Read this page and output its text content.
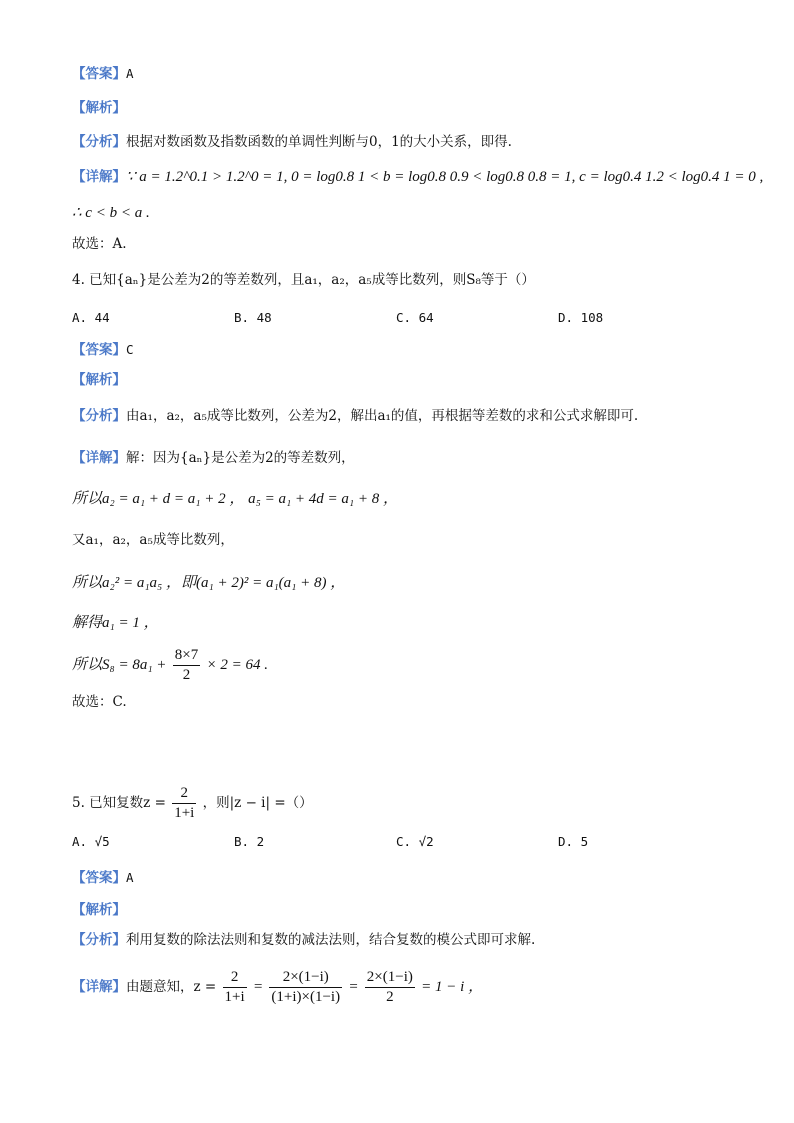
【答案】A
【解析】
【分析】根据对数函数及指数函数的单调性判断与0，1的大小关系，即得.
【详解】∵ a = 1.2^0.1 > 1.2^0 = 1, 0 = log0.8 1 < b = log0.8 0.9 < log0.8 0.8 = 1, c = log0.4 1.2 < log0.4 1 = 0 ,
∴ c < b < a .
故选：A.
4. 已知{aₙ}是公差为2的等差数列，且a₁，a₂，a₅成等比数列，则S₈等于（）
A. 44	B. 48	C. 64	D. 108
【答案】C
【解析】
【分析】由a₁，a₂，a₅成等比数列，公差为2，解出a₁的值，再根据等差数的求和公式求解即可.
【详解】解：因为{aₙ}是公差为2的等差数列，
所以a₂ = a₁ + d = a₁ + 2 ， a₅ = a₁ + 4d = a₁ + 8 ，
又a₁，a₂，a₅成等比数列，
所以a₂² = a₁a₅ ，即(a₁ + 2)² = a₁(a₁ + 8) ，
解得a₁ = 1 ，
所以$S_8 = 8a_1 + \frac{8\times 7}{2} \times 2 = 64$ .
故选：C.
5. 已知复数$z = \frac{2}{1+i}$ ，则|z − i| =（）
A. √5	B. 2	C. √2	D. 5
【答案】A
【解析】
【分析】利用复数的除法法则和复数的减法法则，结合复数的模公式即可求解.
【详解】由题意知，$z = \frac{2}{1+i} = \frac{2\times(1-i)}{(1+i)\times(1-i)} = \frac{2\times(1-i)}{2} = 1 - i$ ，
